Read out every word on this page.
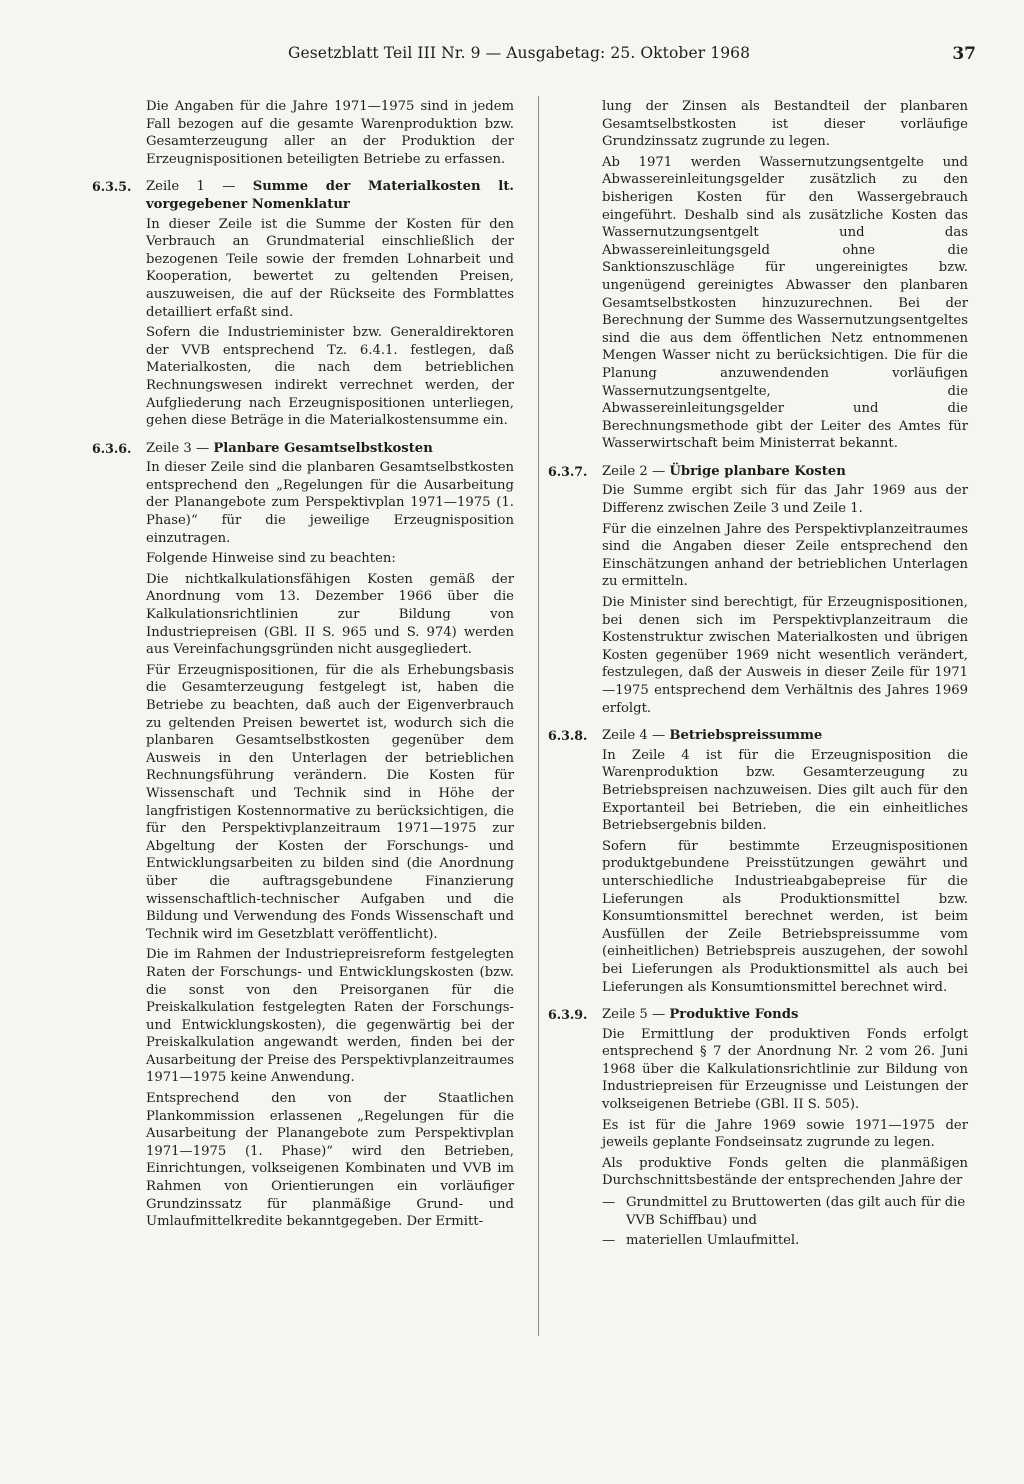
Gesetzblatt Teil III Nr. 9 — Ausgabetag: 25. Oktober 1968	37

Die Angaben für die Jahre 1971—1975 sind in jedem Fall bezogen auf die gesamte Warenproduktion bzw. Gesamterzeugung aller an der Produktion der Erzeugnispositionen beteiligten Betriebe zu erfassen.

6.3.5. Zeile 1 — Summe der Materialkosten lt. vorgegebener Nomenklatur

In dieser Zeile ist die Summe der Kosten für den Verbrauch an Grundmaterial einschließlich der bezogenen Teile sowie der fremden Lohnarbeit und Kooperation, bewertet zu geltenden Preisen, auszuweisen, die auf der Rückseite des Formblattes detailliert erfaßt sind.

Sofern die Industrieminister bzw. Generaldirektoren der VVB entsprechend Tz. 6.4.1. festlegen, daß Materialkosten, die nach dem betrieblichen Rechnungswesen indirekt verrechnet werden, der Aufgliederung nach Erzeugnispositionen unterliegen, gehen diese Beträge in die Materialkostensumme ein.

6.3.6. Zeile 3 — Planbare Gesamtselbstkosten

In dieser Zeile sind die planbaren Gesamtselbstkosten entsprechend den „Regelungen für die Ausarbeitung der Planangebote zum Perspektivplan 1971—1975 (1. Phase)“ für die jeweilige Erzeugnisposition einzutragen.

Folgende Hinweise sind zu beachten:

Die nichtkalkulationsfähigen Kosten gemäß der Anordnung vom 13. Dezember 1966 über die Kalkulationsrichtlinien zur Bildung von Industriepreisen (GBl. II S. 965 und S. 974) werden aus Vereinfachungsgründen nicht ausgegliedert.

Für Erzeugnispositionen, für die als Erhebungsbasis die Gesamterzeugung festgelegt ist, haben die Betriebe zu beachten, daß auch der Eigenverbrauch zu geltenden Preisen bewertet ist, wodurch sich die planbaren Gesamtselbstkosten gegenüber dem Ausweis in den Unterlagen der betrieblichen Rechnungsführung verändern. Die Kosten für Wissenschaft und Technik sind in Höhe der langfristigen Kostennormative zu berücksichtigen, die für den Perspektivplanzeitraum 1971—1975 zur Abgeltung der Kosten der Forschungs- und Entwicklungsarbeiten zu bilden sind (die Anordnung über die auftragsgebundene Finanzierung wissenschaftlich-technischer Aufgaben und die Bildung und Verwendung des Fonds Wissenschaft und Technik wird im Gesetzblatt veröffentlicht).

Die im Rahmen der Industriepreisreform festgelegten Raten der Forschungs- und Entwicklungskosten (bzw. die sonst von den Preisorganen für die Preiskalkulation festgelegten Raten der Forschungs- und Entwicklungskosten), die gegenwärtig bei der Preiskalkulation angewandt werden, finden bei der Ausarbeitung der Preise des Perspektivplanzeitraumes 1971—1975 keine Anwendung.

Entsprechend den von der Staatlichen Plankommission erlassenen „Regelungen für die Ausarbeitung der Planangebote zum Perspektivplan 1971—1975 (1. Phase)“ wird den Betrieben, Einrichtungen, volkseigenen Kombinaten und VVB im Rahmen von Orientierungen ein vorläufiger Grundzinssatz für planmäßige Grund- und Umlaufmittelkredite bekanntgegeben. Der Ermitt-

lung der Zinsen als Bestandteil der planbaren Gesamtselbstkosten ist dieser vorläufige Grundzinssatz zugrunde zu legen.

Ab 1971 werden Wassernutzungsentgelte und Abwassereinleitungsgelder zusätzlich zu den bisherigen Kosten für den Wassergebrauch eingeführt. Deshalb sind als zusätzliche Kosten das Wassernutzungsentgelt und das Abwassereinleitungsgeld ohne die Sanktionszuschläge für ungereinigtes bzw. ungenügend gereinigtes Abwasser den planbaren Gesamtselbstkosten hinzuzurechnen. Bei der Berechnung der Summe des Wassernutzungsentgeltes sind die aus dem öffentlichen Netz entnommenen Mengen Wasser nicht zu berücksichtigen. Die für die Planung anzuwendenden vorläufigen Wassernutzungsentgelte, die Abwassereinleitungsgelder und die Berechnungsmethode gibt der Leiter des Amtes für Wasserwirtschaft beim Ministerrat bekannt.

6.3.7. Zeile 2 — Übrige planbare Kosten

Die Summe ergibt sich für das Jahr 1969 aus der Differenz zwischen Zeile 3 und Zeile 1.

Für die einzelnen Jahre des Perspektivplanzeitraumes sind die Angaben dieser Zeile entsprechend den Einschätzungen anhand der betrieblichen Unterlagen zu ermitteln.

Die Minister sind berechtigt, für Erzeugnispositionen, bei denen sich im Perspektivplanzeitraum die Kostenstruktur zwischen Materialkosten und übrigen Kosten gegenüber 1969 nicht wesentlich verändert, festzulegen, daß der Ausweis in dieser Zeile für 1971—1975 entsprechend dem Verhältnis des Jahres 1969 erfolgt.

6.3.8. Zeile 4 — Betriebspreissumme

In Zeile 4 ist für die Erzeugnisposition die Warenproduktion bzw. Gesamterzeugung zu Betriebspreisen nachzuweisen. Dies gilt auch für den Exportanteil bei Betrieben, die ein einheitliches Betriebsergebnis bilden.

Sofern für bestimmte Erzeugnispositionen produktgebundene Preisstützungen gewährt und unterschiedliche Industrieabgabepreise für die Lieferungen als Produktionsmittel bzw. Konsumtionsmittel berechnet werden, ist beim Ausfüllen der Zeile Betriebspreissumme vom (einheitlichen) Betriebspreis auszugehen, der sowohl bei Lieferungen als Produktionsmittel als auch bei Lieferungen als Konsumtionsmittel berechnet wird.

6.3.9. Zeile 5 — Produktive Fonds

Die Ermittlung der produktiven Fonds erfolgt entsprechend § 7 der Anordnung Nr. 2 vom 26. Juni 1968 über die Kalkulationsrichtlinie zur Bildung von Industriepreisen für Erzeugnisse und Leistungen der volkseigenen Betriebe (GBl. II S. 505).

Es ist für die Jahre 1969 sowie 1971—1975 der jeweils geplante Fondseinsatz zugrunde zu legen.

Als produktive Fonds gelten die planmäßigen Durchschnittsbestände der entsprechenden Jahre der

— Grundmittel zu Bruttowerten (das gilt auch für die VVB Schiffbau) und
— materiellen Umlaufmittel.
